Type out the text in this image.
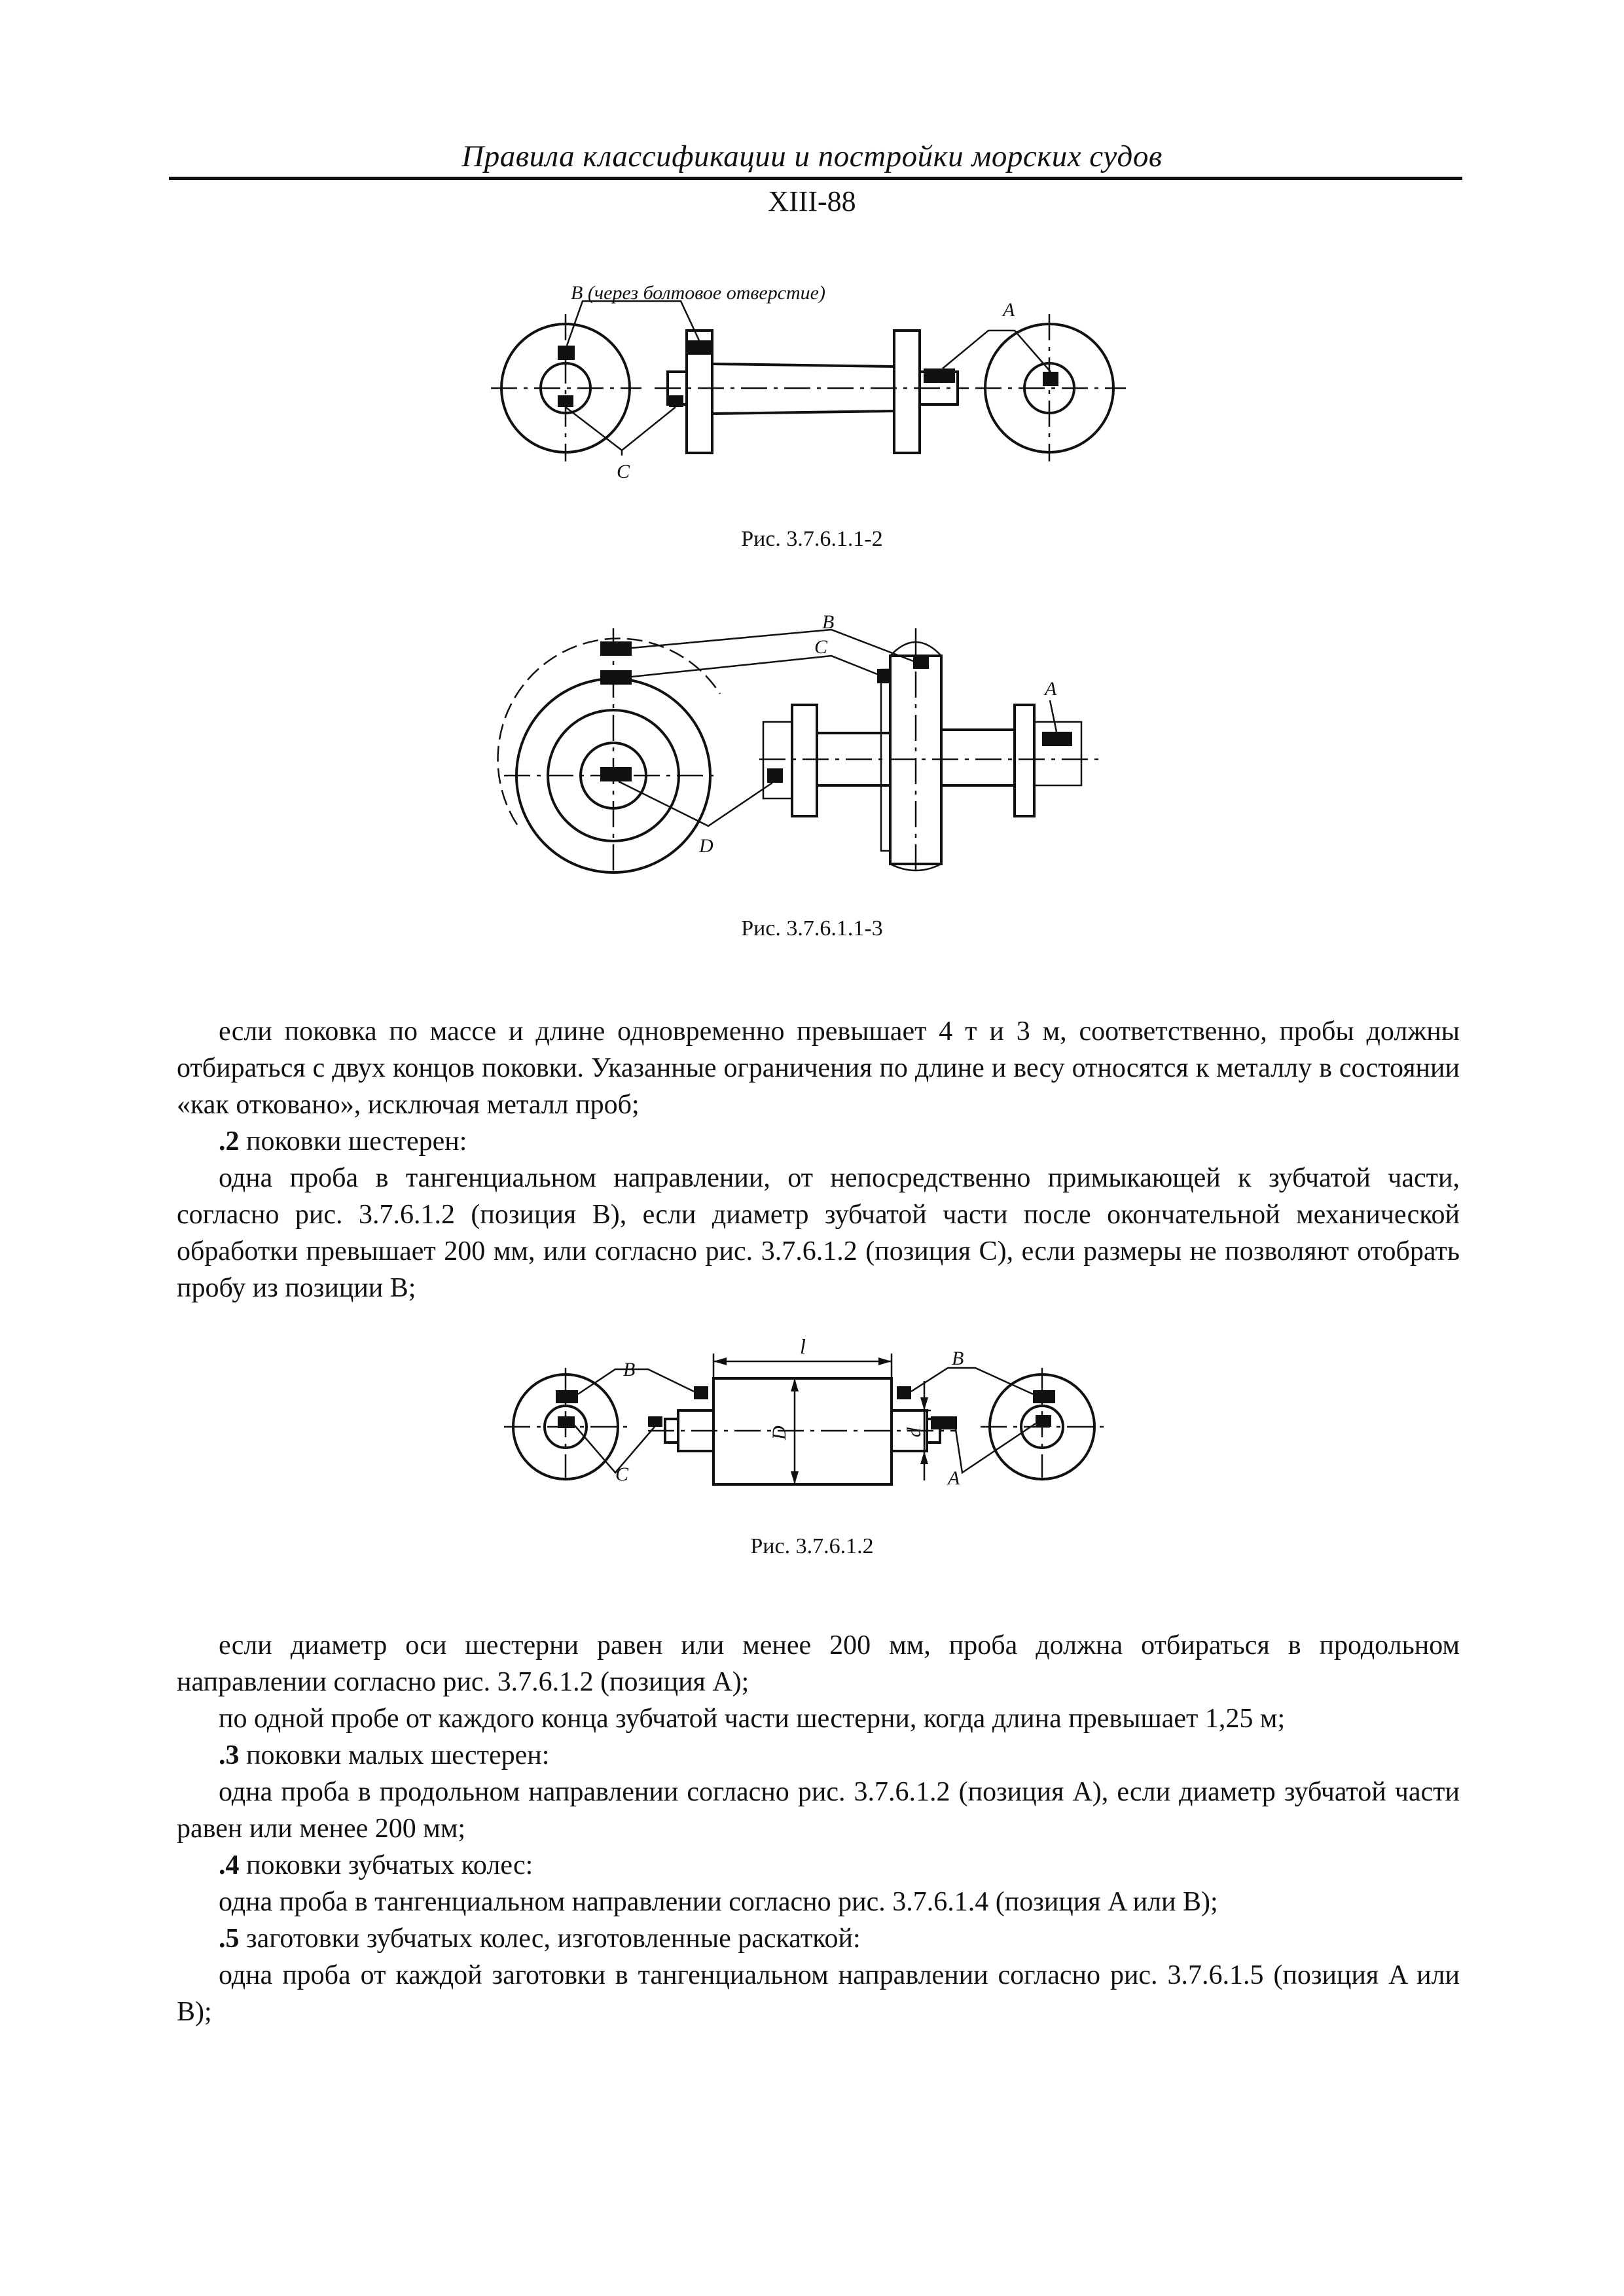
Правила классификации и постройки морских судов
XIII-88
B (через болтовое отверстие)
A
C
Рис. 3.7.6.1.1-2
B
C
A
D
Рис. 3.7.6.1.1-3

если поковка по массе и длине одновременно превышает 4 т и 3 м, соответственно, пробы должны отбираться с двух концов поковки. Указанные ограничения по длине и весу относятся к металлу в состоянии «как отковано», исключая металл проб;

.2 поковки шестерен:

одна проба в тангенциальном направлении, от непосредственно примыкающей к зубчатой части, согласно рис. 3.7.6.1.2 (позиция B), если диаметр зубчатой части после окончательной механической обработки превышает 200 мм, или согласно рис. 3.7.6.1.2 (позиция C), если размеры не позволяют отобрать пробу из позиции B;

l
B
B
D	d
C	A
Рис. 3.7.6.1.2

если диаметр оси шестерни равен или менее 200 мм, проба должна отбираться в продольном направлении согласно рис. 3.7.6.1.2 (позиция A);

по одной пробе от каждого конца зубчатой части шестерни, когда длина превышает 1,25 м;

.3 поковки малых шестерен:

одна проба в продольном направлении согласно рис. 3.7.6.1.2 (позиция A), если диаметр зубчатой части равен или менее 200 мм;

.4 поковки зубчатых колес:

одна проба в тангенциальном направлении согласно рис. 3.7.6.1.4 (позиция A или B);

.5 заготовки зубчатых колес, изготовленные раскаткой:

одна проба от каждой заготовки в тангенциальном направлении согласно рис. 3.7.6.1.5 (позиция A или B);
